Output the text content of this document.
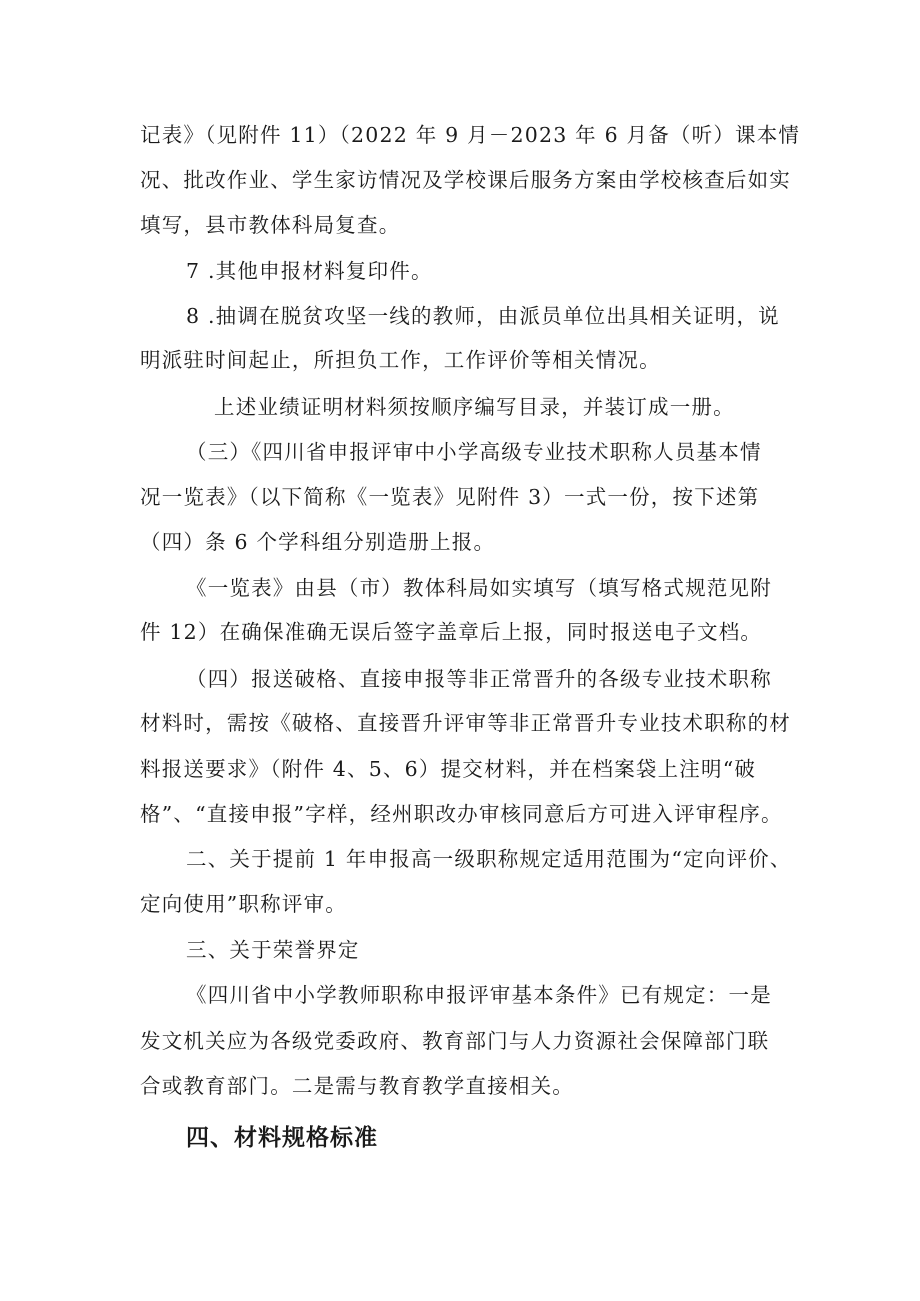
记表》（见附件 11）（2022 年 9 月－2023 年 6 月备（听）课本情
况、批改作业、学生家访情况及学校课后服务方案由学校核查后如实
填写，县市教体科局复查。
7 .其他申报材料复印件。
8 .抽调在脱贫攻坚一线的教师，由派员单位出具相关证明，说
明派驻时间起止，所担负工作，工作评价等相关情况。
上述业绩证明材料须按顺序编写目录，并装订成一册。
（三）《四川省申报评审中小学高级专业技术职称人员基本情
况一览表》（以下简称《一览表》见附件 3）一式一份，按下述第
（四）条 6 个学科组分别造册上报。
《一览表》由县（市）教体科局如实填写（填写格式规范见附
件 12）在确保准确无误后签字盖章后上报，同时报送电子文档。
（四）报送破格、直接申报等非正常晋升的各级专业技术职称
材料时，需按《破格、直接晋升评审等非正常晋升专业技术职称的材
料报送要求》（附件 4、5、6）提交材料，并在档案袋上注明“破
格”、“直接申报”字样，经州职改办审核同意后方可进入评审程序。
二、关于提前 1 年申报高一级职称规定适用范围为“定向评价、
定向使用”职称评审。
三、关于荣誉界定
《四川省中小学教师职称申报评审基本条件》已有规定：一是
发文机关应为各级党委政府、教育部门与人力资源社会保障部门联
合或教育部门。二是需与教育教学直接相关。
四、材料规格标准
